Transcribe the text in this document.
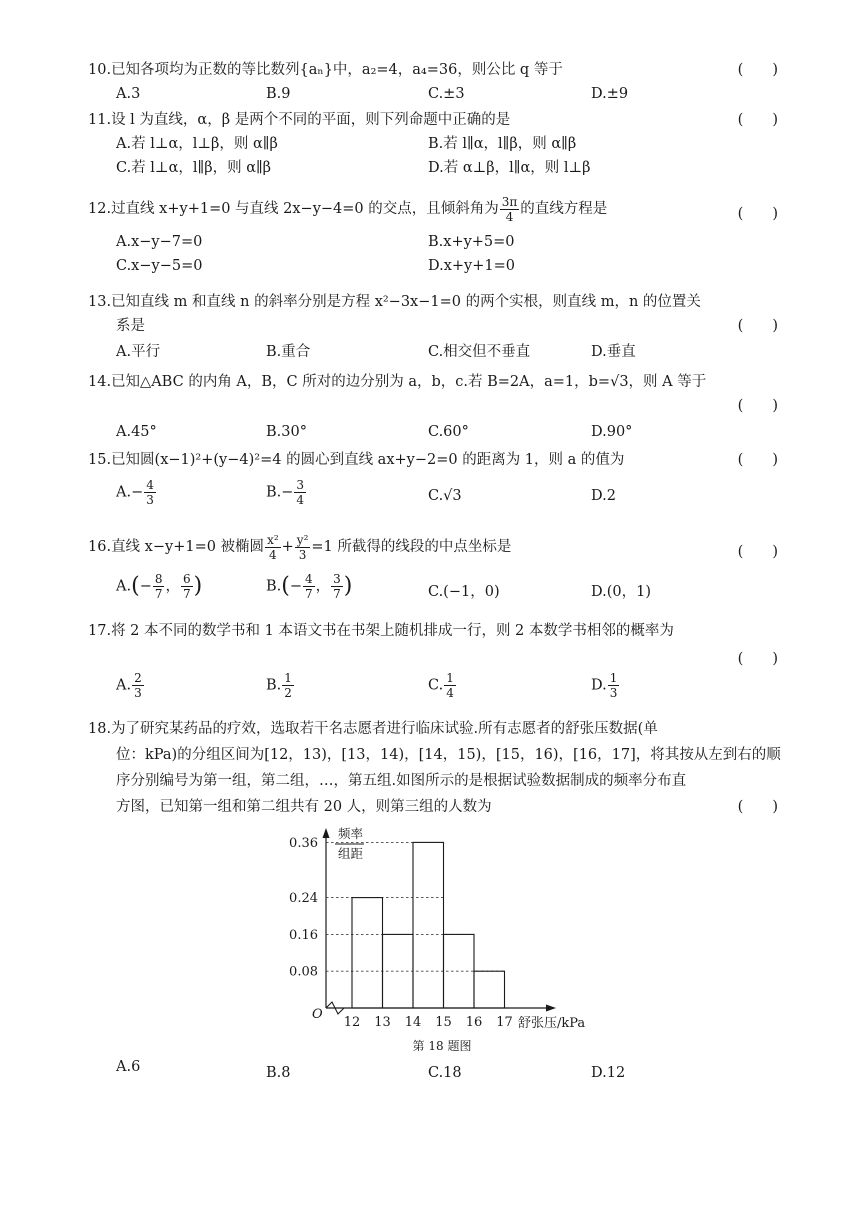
10.已知各项均为正数的等比数列{aₙ}中，a₂=4，a₄=36，则公比 q 等于	(　　)
A.3	B.9	C.±3	D.±9
11.设 l 为直线，α，β 是两个不同的平面，则下列命题中正确的是	(　　)
A.若 l⊥α，l⊥β，则 α∥β	B.若 l∥α，l∥β，则 α∥β
C.若 l⊥α，l∥β，则 α∥β	D.若 α⊥β，l∥α，则 l⊥β
12.过直线 x+y+1=0 与直线 2x−y−4=0 的交点，且倾斜角为 $\frac{3\pi}{4}$ 的直线方程是	(　　)
A.x−y−7=0	B.x+y+5=0
C.x−y−5=0	D.x+y+1=0
13.已知直线 m 和直线 n 的斜率分别是方程 x²−3x−1=0 的两个实根，则直线 m，n 的位置关
系是	(　　)
A.平行	B.重合	C.相交但不垂直	D.垂直
14.已知△ABC 的内角 A，B，C 所对的边分别为 a，b，c.若 B=2A，a=1，b=√3，则 A 等于
(　　)
A.45°	B.30°	C.60°	D.90°
15.已知圆(x−1)²+(y−4)²=4 的圆心到直线 ax+y−2=0 的距离为 1，则 a 的值为	(　　)
$A.- \frac{4}{3}$	$B.- \frac{3}{4}$	C.√3	D.2
16.直线 x−y+1=0 被椭圆 $\frac{\text{x²}}{4} + \frac{\text{y²}}{3} =1$ 所截得的线段的中点坐标是	(　　)
$A.(- \frac{8}{7}$ ， $\frac{6}{7}$ )	$B.(- \frac{4}{7}$ ， $\frac{3}{7}$ )	C.(−1，0)	D.(0，1)
17.将 2 本不同的数学书和 1 本语文书在书架上随机排成一行，则 2 本数学书相邻的概率为
(　　)
A. $\frac{2}{3}$	B. $\frac{1}{2}$	C. $\frac{1}{4}$	D. $\frac{1}{3}$
18.为了研究某药品的疗效，选取若干名志愿者进行临床试验.所有志愿者的舒张压数据(单
位：kPa)的分组区间为[12，13)，[13，14)，[14，15)，[15，16)，[16，17]，将其按从左到右的顺
序分别编号为第一组，第二组，…，第五组.如图所示的是根据试验数据制成的频率分布直
方图，已知第一组和第二组共有 20 人，则第三组的人数为	(　　)
0.08
0.16
0.24
0.36
12 13 14 15 16 17
O
频率
组距
舒张压/kPa
第 18 题图
A.6	B.8	C.18	D.12
